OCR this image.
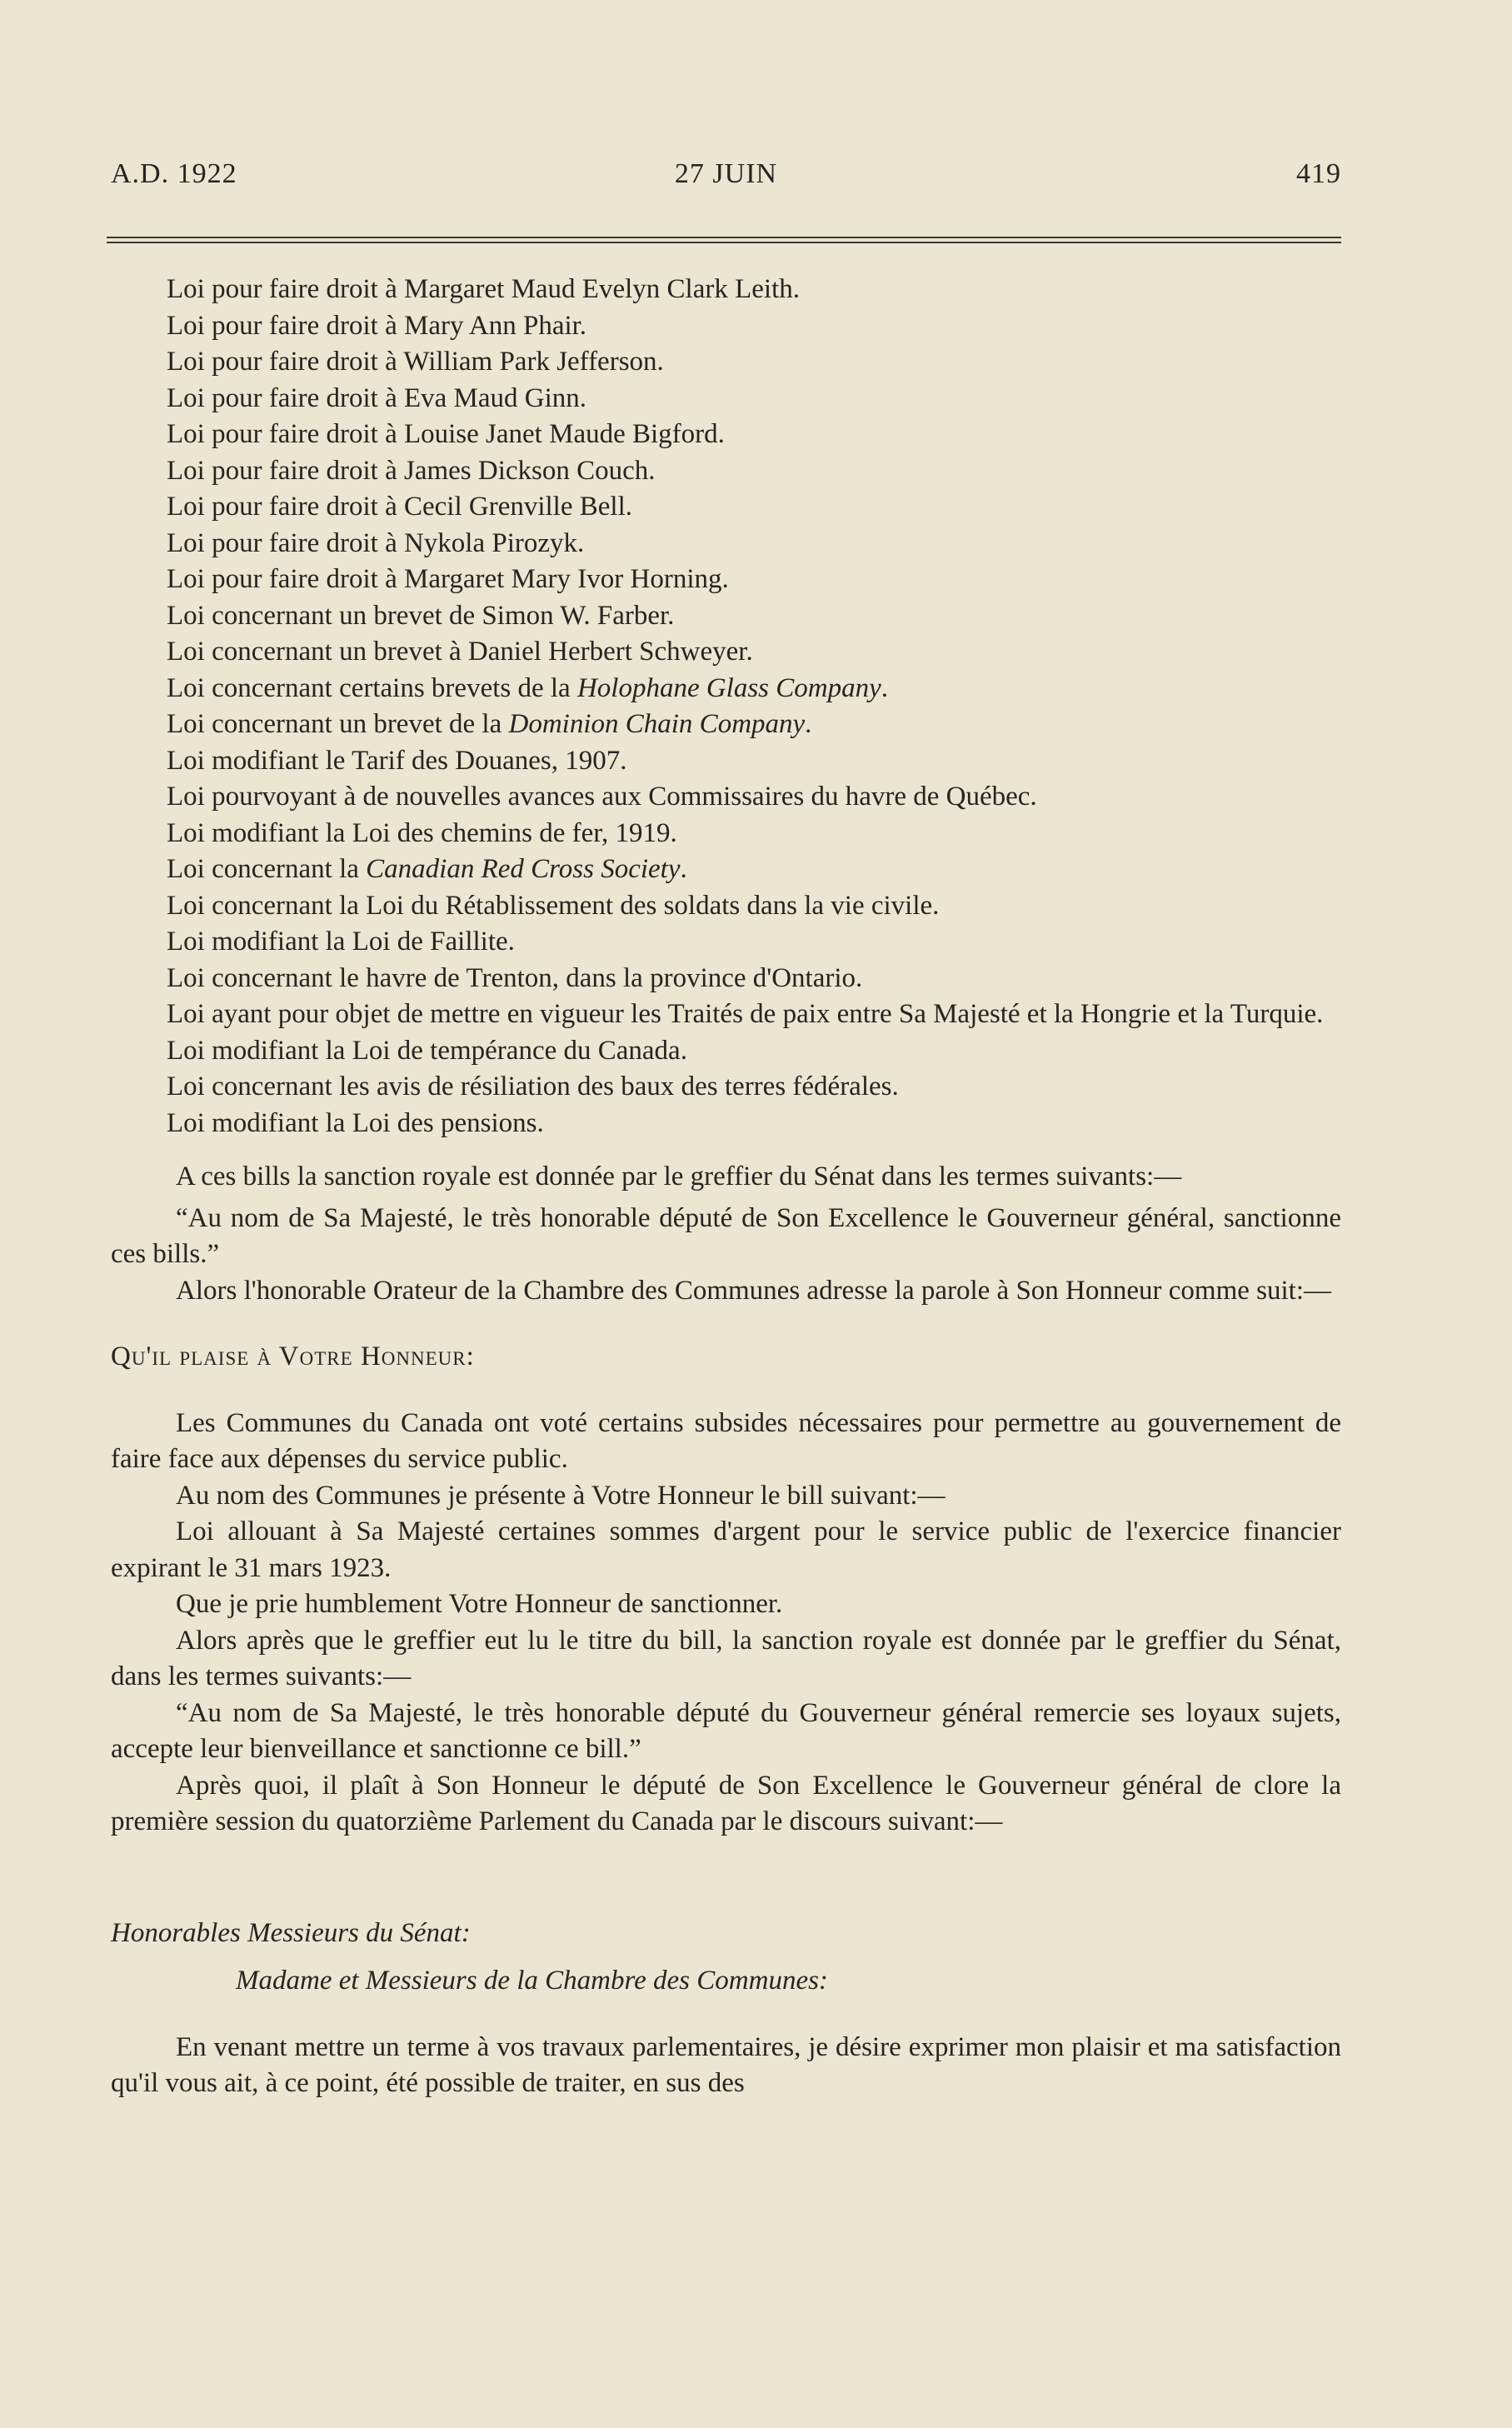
A.D. 1922	27 JUIN	419

Loi pour faire droit à Margaret Maud Evelyn Clark Leith.

Loi pour faire droit à Mary Ann Phair.

Loi pour faire droit à William Park Jefferson.

Loi pour faire droit à Eva Maud Ginn.

Loi pour faire droit à Louise Janet Maude Bigford.

Loi pour faire droit à James Dickson Couch.

Loi pour faire droit à Cecil Grenville Bell.

Loi pour faire droit à Nykola Pirozyk.

Loi pour faire droit à Margaret Mary Ivor Horning.

Loi concernant un brevet de Simon W. Farber.

Loi concernant un brevet à Daniel Herbert Schweyer.

Loi concernant certains brevets de la Holophane Glass Company.

Loi concernant un brevet de la Dominion Chain Company.

Loi modifiant le Tarif des Douanes, 1907.

Loi pourvoyant à de nouvelles avances aux Commissaires du havre de Québec.

Loi modifiant la Loi des chemins de fer, 1919.

Loi concernant la Canadian Red Cross Society.

Loi concernant la Loi du Rétablissement des soldats dans la vie civile.

Loi modifiant la Loi de Faillite.

Loi concernant le havre de Trenton, dans la province d'Ontario.

Loi ayant pour objet de mettre en vigueur les Traités de paix entre Sa Majesté et la Hongrie et la Turquie.

Loi modifiant la Loi de tempérance du Canada.

Loi concernant les avis de résiliation des baux des terres fédérales.

Loi modifiant la Loi des pensions.

A ces bills la sanction royale est donnée par le greffier du Sénat dans les termes suivants:—

“Au nom de Sa Majesté, le très honorable député de Son Excellence le Gouverneur général, sanctionne ces bills.”

Alors l'honorable Orateur de la Chambre des Communes adresse la parole à Son Honneur comme suit:—

Qu'il plaise à Votre Honneur:

Les Communes du Canada ont voté certains subsides nécessaires pour permettre au gouvernement de faire face aux dépenses du service public.

Au nom des Communes je présente à Votre Honneur le bill suivant:—

Loi allouant à Sa Majesté certaines sommes d'argent pour le service public de l'exercice financier expirant le 31 mars 1923.

Que je prie humblement Votre Honneur de sanctionner.

Alors après que le greffier eut lu le titre du bill, la sanction royale est donnée par le greffier du Sénat, dans les termes suivants:—

“Au nom de Sa Majesté, le très honorable député du Gouverneur général remercie ses loyaux sujets, accepte leur bienveillance et sanctionne ce bill.”

Après quoi, il plaît à Son Honneur le député de Son Excellence le Gouverneur général de clore la première session du quatorzième Parlement du Canada par le discours suivant:—

Honorables Messieurs du Sénat:

Madame et Messieurs de la Chambre des Communes:

En venant mettre un terme à vos travaux parlementaires, je désire exprimer mon plaisir et ma satisfaction qu'il vous ait, à ce point, été possible de traiter, en sus des
